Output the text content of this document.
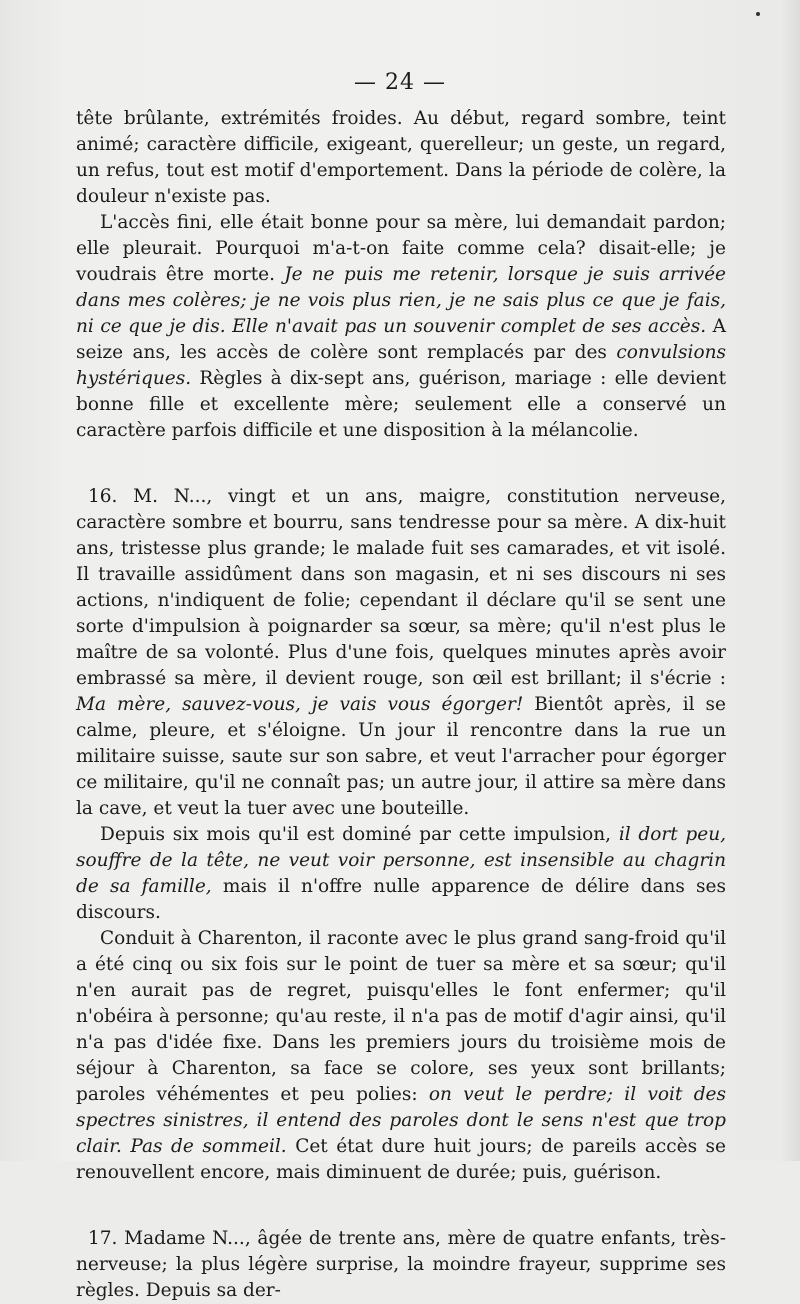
— 24 —

tête brûlante, extrémités froides. Au début, regard sombre, teint animé; caractère difficile, exigeant, querelleur; un geste, un regard, un refus, tout est motif d'emportement. Dans la période de colère, la douleur n'existe pas.

L'accès fini, elle était bonne pour sa mère, lui demandait pardon; elle pleurait. Pourquoi m'a-t-on faite comme cela? disait-elle; je voudrais être morte. Je ne puis me retenir, lorsque je suis arrivée dans mes colères; je ne vois plus rien, je ne sais plus ce que je fais, ni ce que je dis. Elle n'avait pas un souvenir complet de ses accès. A seize ans, les accès de colère sont remplacés par des convulsions hystériques. Règles à dix-sept ans, guérison, mariage : elle devient bonne fille et excellente mère; seulement elle a conservé un caractère parfois difficile et une disposition à la mélancolie.

16. M. N..., vingt et un ans, maigre, constitution nerveuse, caractère sombre et bourru, sans tendresse pour sa mère. A dix-huit ans, tristesse plus grande; le malade fuit ses camarades, et vit isolé. Il travaille assidûment dans son magasin, et ni ses discours ni ses actions, n'indiquent de folie; cependant il déclare qu'il se sent une sorte d'impulsion à poignarder sa sœur, sa mère; qu'il n'est plus le maître de sa volonté. Plus d'une fois, quelques minutes après avoir embrassé sa mère, il devient rouge, son œil est brillant; il s'écrie : Ma mère, sauvez-vous, je vais vous égorger! Bientôt après, il se calme, pleure, et s'éloigne. Un jour il rencontre dans la rue un militaire suisse, saute sur son sabre, et veut l'arracher pour égorger ce militaire, qu'il ne connaît pas; un autre jour, il attire sa mère dans la cave, et veut la tuer avec une bouteille.

Depuis six mois qu'il est dominé par cette impulsion, il dort peu, souffre de la tête, ne veut voir personne, est insensible au chagrin de sa famille, mais il n'offre nulle apparence de délire dans ses discours.

Conduit à Charenton, il raconte avec le plus grand sang-froid qu'il a été cinq ou six fois sur le point de tuer sa mère et sa sœur; qu'il n'en aurait pas de regret, puisqu'elles le font enfermer; qu'il n'obéira à personne; qu'au reste, il n'a pas de motif d'agir ainsi, qu'il n'a pas d'idée fixe. Dans les premiers jours du troisième mois de séjour à Charenton, sa face se colore, ses yeux sont brillants; paroles véhémentes et peu polies: on veut le perdre; il voit des spectres sinistres, il entend des paroles dont le sens n'est que trop clair. Pas de sommeil. Cet état dure huit jours; de pareils accès se renouvellent encore, mais diminuent de durée; puis, guérison.

17. Madame N..., âgée de trente ans, mère de quatre enfants, très-nerveuse; la plus légère surprise, la moindre frayeur, supprime ses règles. Depuis sa der-
